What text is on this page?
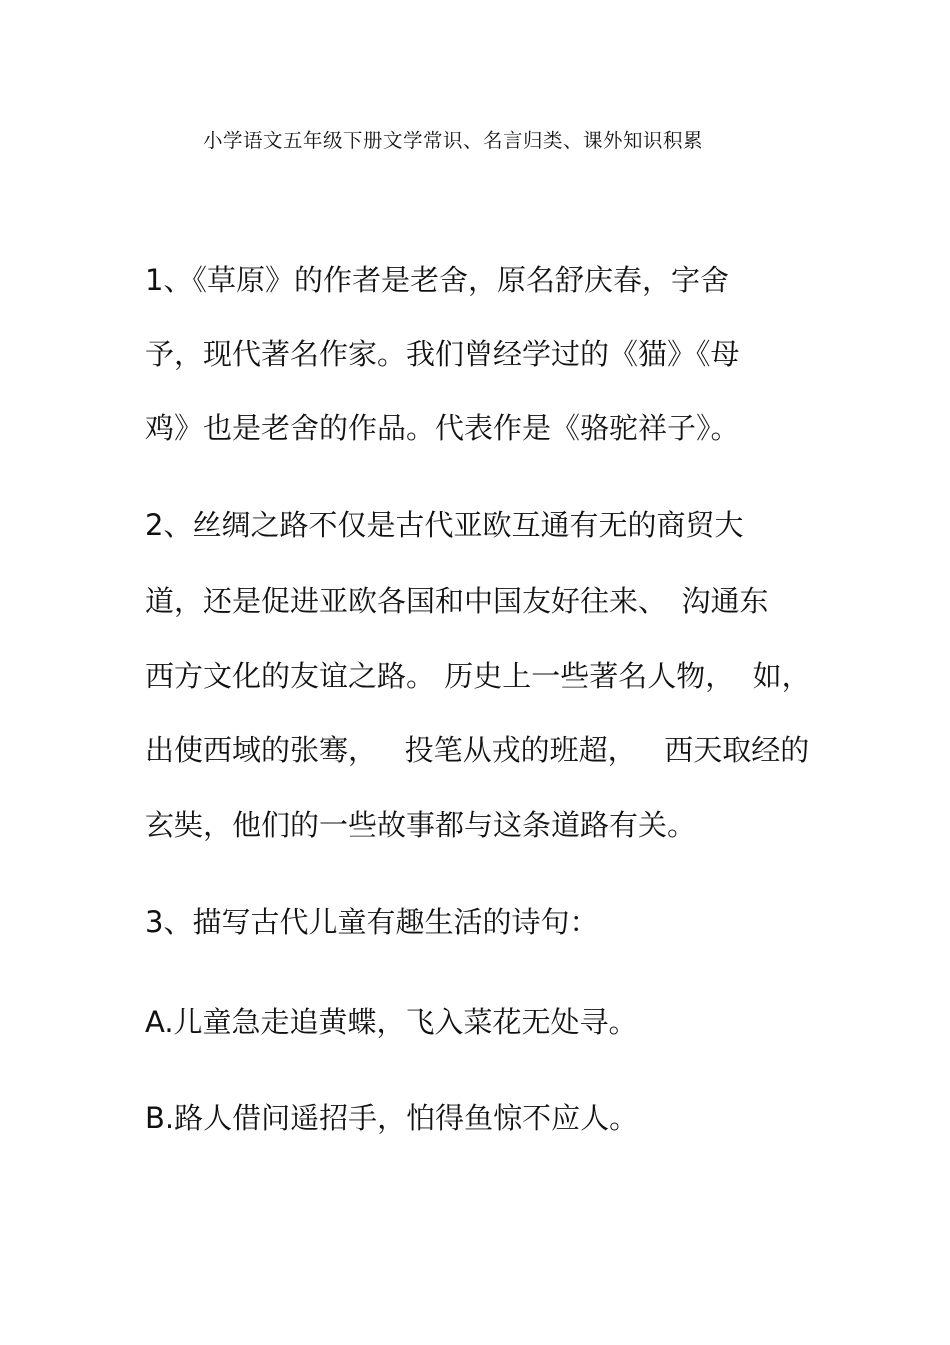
小学语文五年级下册文学常识、名言归类、课外知识积累
1、《草原》的作者是老舍，原名舒庆春，字舍
予，现代著名作家。我们曾经学过的《猫》《母
鸡》也是老舍的作品。代表作是《骆驼祥子》。
2、丝绸之路不仅是古代亚欧互通有无的商贸大
道，还是促进亚欧各国和中国友好往来、　沟通东
西方文化的友谊之路。 历史上一些著名人物，  如，
出使西域的张骞，   投笔从戎的班超，   西天取经的
玄奘，他们的一些故事都与这条道路有关。
3、描写古代儿童有趣生活的诗句：
A.儿童急走追黄蝶，飞入菜花无处寻。
B.路人借问遥招手，怕得鱼惊不应人。
